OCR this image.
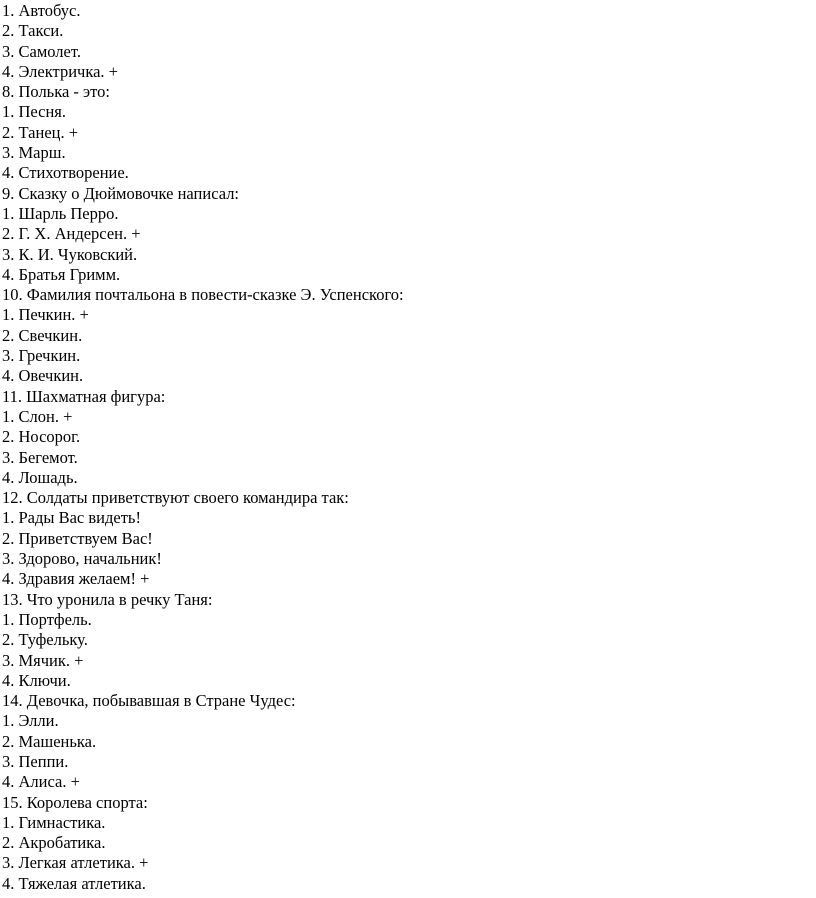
1. Автобус.
2. Такси.
3. Самолет.
4. Электричка. +
8. Полька - это:
1. Песня.
2. Танец. +
3. Марш.
4. Стихотворение.
9. Сказку о Дюймовочке написал:
1. Шарль Перро.
2. Г. Х. Андерсен. +
3. К. И. Чуковский.
4. Братья Гримм.
10. Фамилия почтальона в повести-сказке Э. Успенского:
1. Печкин. +
2. Свечкин.
3. Гречкин.
4. Овечкин.
11. Шахматная фигура:
1. Слон. +
2. Носорог.
3. Бегемот.
4. Лошадь.
12. Солдаты приветствуют своего командира так:
1. Рады Вас видеть!
2. Приветствуем Вас!
3. Здорово, начальник!
4. Здравия желаем! +
13. Что уронила в речку Таня:
1. Портфель.
2. Туфельку.
3. Мячик. +
4. Ключи.
14. Девочка, побывавшая в Стране Чудес:
1. Элли.
2. Машенька.
3. Пеппи.
4. Алиса. +
15. Королева спорта:
1. Гимнастика.
2. Акробатика.
3. Легкая атлетика. +
4. Тяжелая атлетика.
